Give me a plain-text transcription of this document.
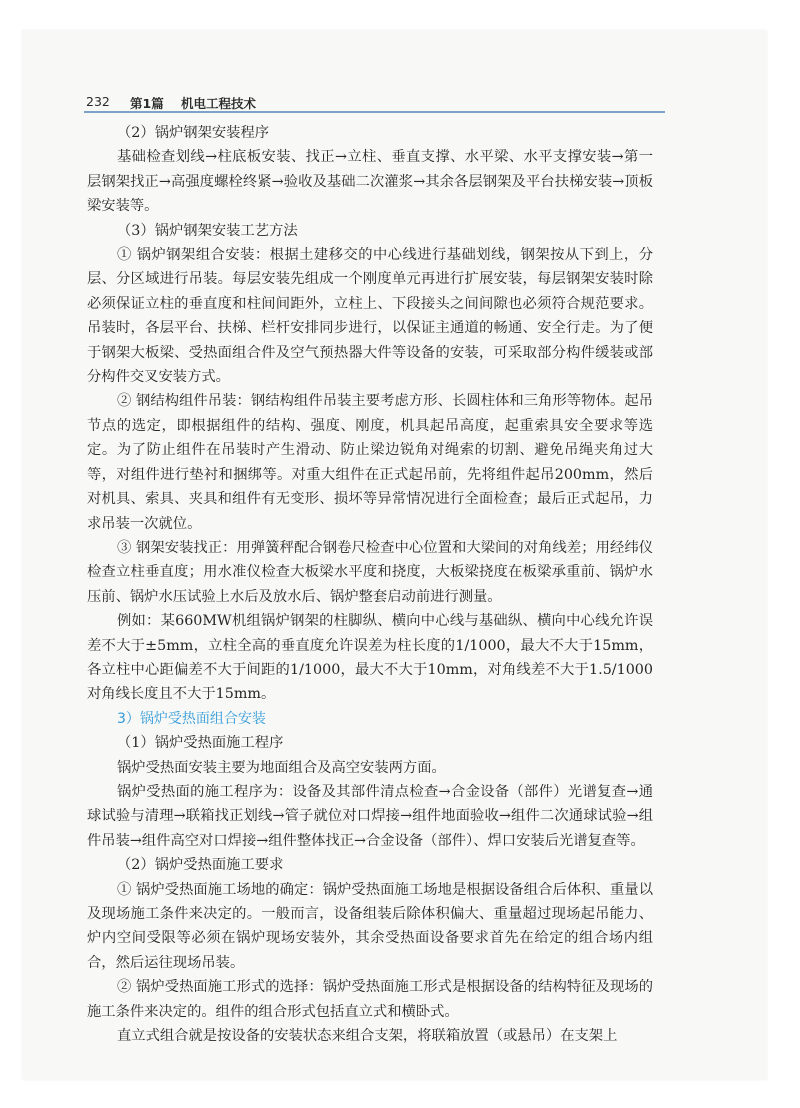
232 第1篇 机电工程技术

（2）锅炉钢架安装程序

基础检查划线→柱底板安装、找正→立柱、垂直支撑、水平梁、水平支撑安装→第一层钢架找正→高强度螺栓终紧→验收及基础二次灌浆→其余各层钢架及平台扶梯安装→顶板梁安装等。

（3）锅炉钢架安装工艺方法

① 锅炉钢架组合安装：根据土建移交的中心线进行基础划线，钢架按从下到上，分层、分区域进行吊装。每层安装先组成一个刚度单元再进行扩展安装，每层钢架安装时除必须保证立柱的垂直度和柱间间距外，立柱上、下段接头之间间隙也必须符合规范要求。吊装时，各层平台、扶梯、栏杆安排同步进行，以保证主通道的畅通、安全行走。为了便于钢架大板梁、受热面组合件及空气预热器大件等设备的安装，可采取部分构件缓装或部分构件交叉安装方式。

② 钢结构组件吊装：钢结构组件吊装主要考虑方形、长圆柱体和三角形等物体。起吊节点的选定，即根据组件的结构、强度、刚度，机具起吊高度，起重索具安全要求等选定。为了防止组件在吊装时产生滑动、防止梁边锐角对绳索的切割、避免吊绳夹角过大等，对组件进行垫衬和捆绑等。对重大组件在正式起吊前，先将组件起吊200mm，然后对机具、索具、夹具和组件有无变形、损坏等异常情况进行全面检查；最后正式起吊，力求吊装一次就位。

③ 钢架安装找正：用弹簧秤配合钢卷尺检查中心位置和大梁间的对角线差；用经纬仪检查立柱垂直度；用水准仪检查大板梁水平度和挠度，大板梁挠度在板梁承重前、锅炉水压前、锅炉水压试验上水后及放水后、锅炉整套启动前进行测量。

例如：某660MW机组锅炉钢架的柱脚纵、横向中心线与基础纵、横向中心线允许误差不大于±5mm，立柱全高的垂直度允许误差为柱长度的1/1000，最大不大于15mm，各立柱中心距偏差不大于间距的1/1000，最大不大于10mm，对角线差不大于1.5/1000对角线长度且不大于15mm。

3）锅炉受热面组合安装

（1）锅炉受热面施工程序

锅炉受热面安装主要为地面组合及高空安装两方面。

锅炉受热面的施工程序为：设备及其部件清点检查→合金设备（部件）光谱复查→通球试验与清理→联箱找正划线→管子就位对口焊接→组件地面验收→组件二次通球试验→组件吊装→组件高空对口焊接→组件整体找正→合金设备（部件）、焊口安装后光谱复查等。

（2）锅炉受热面施工要求

① 锅炉受热面施工场地的确定：锅炉受热面施工场地是根据设备组合后体积、重量以及现场施工条件来决定的。一般而言，设备组装后除体积偏大、重量超过现场起吊能力、炉内空间受限等必须在锅炉现场安装外，其余受热面设备要求首先在给定的组合场内组合，然后运往现场吊装。

② 锅炉受热面施工形式的选择：锅炉受热面施工形式是根据设备的结构特征及现场的施工条件来决定的。组件的组合形式包括直立式和横卧式。

直立式组合就是按设备的安装状态来组合支架，将联箱放置（或悬吊）在支架上
